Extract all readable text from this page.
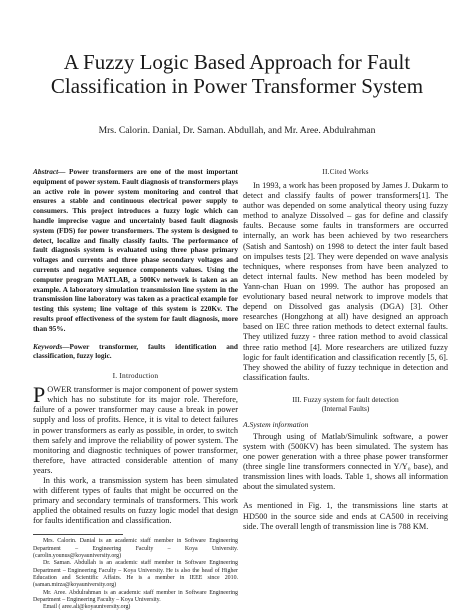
A Fuzzy Logic Based Approach for Fault
Classification in Power Transformer System
Mrs. Calorin. Danial, Dr. Saman. Abdullah, and Mr. Aree. Abdulrahman

Abstract— Power transformers are one of the most important equipment of power system. Fault diagnosis of transformers plays an active role in power system monitoring and control that ensures a stable and continuous electrical power supply to consumers. This project introduces a fuzzy logic which can handle imprecise vague and uncertainly based fault diagnosis system (FDS) for power transformers. The system is designed to detect, localize and finally classify faults. The performance of fault diagnosis system is evaluated using three phase primary voltages and currents and three phase secondary voltages and currents and negative sequence components values. Using the computer program MATLAB, a 500Kv network is taken as an example. A laboratory simulation transmission line system in the transmission line laboratory was taken as a practical example for testing this system; line voltage of this system is 220Kv. The results proof effectiveness of the system for fault diagnosis, more than 95%.

Keywords—Power transformer, faults identification and classification, fuzzy logic.

I. Introduction

POWER transformer is major component of power system which has no substitute for its major role. Therefore, failure of a power transformer may cause a break in power supply and loss of profits. Hence, it is vital to detect failures in power transformers as early as possible, in order, to switch them safely and improve the reliability of power system. The monitoring and diagnostic techniques of power transformer, therefore, have attracted considerable attention of many years.

In this work, a transmission system has been simulated with different types of faults that might be occurred on the primary and secondary terminals of transformers. This work applied the obtained results on fuzzy logic model that design for faults identification and classification.

Mrs. Calorin. Danial is an academic staff member in Software Engineering Department – Engineering Faculty – Koya University. (carolin.younus@koyauniversity.org)

Dr. Saman. Abdullah is an academic staff member in Software Engineering Department – Engineering Faculty – Koya University. He is also the head of Higher Education and Scientific Affairs. He is a member in IEEE since 2010. (saman.mirza@koyauniversity.org)

Mr. Aree. Abdulrahman is an academic staff member in Software Engineering Department – Engineering Faculty – Koya University.

Email ( aree.ali@koyauniversity.org)

II.Cited Works

In 1993, a work has been proposed by James J. Dukarm to detect and classify faults of power transformers[1]. The author was depended on some analytical theory using fuzzy method to analyze Dissolved – gas for define and classify faults. Because some faults in transformers are occurred internally, an work has been achieved by two researchers (Satish and Santosh) on 1998 to detect the inter fault based on impulses tests [2]. They were depended on wave analysis techniques, where responses from have been analyzed to detect internal faults. New method has been modeled by Yann-chan Huan on 1999. The author has proposed an evolutionary based neural network to improve models that depend on Dissolved gas analysis (DGA) [3]. Other researches (Hongzhong at all) have designed an approach based on IEC three ration methods to detect external faults. They utilized fuzzy - three ration method to avoid classical three ratio method [4]. More researchers are utilized fuzzy logic for fault identification and classification recently [5, 6]. They showed the ability of fuzzy technique in detection and classification faults.

III. Fuzzy system for fault detection
(Internal Faults)
A.System information

Through using of Matlab/Simulink software, a power system with (500KV) has been simulated. The system has one power generation with a three phase power transformer (three single line transformers connected in Y/Y₀ base), and transmission lines with loads. Table 1, shows all information about the simulated system.

As mentioned in Fig. 1, the transmissions line starts at HD500 in the source side and ends at CA500 in receiving side. The overall length of transmission line is 788 KM.
